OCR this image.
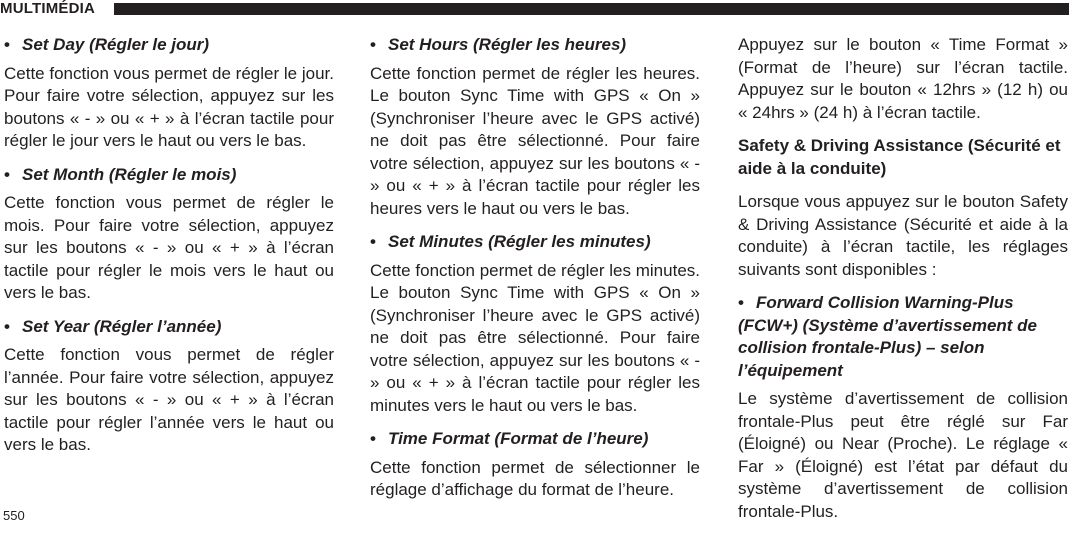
MULTIMÉDIA
• Set Day (Régler le jour)

Cette fonction vous permet de régler le jour. Pour faire votre sélection, appuyez sur les boutons « - » ou « + » à l’écran tactile pour régler le jour vers le haut ou vers le bas.

• Set Month (Régler le mois)

Cette fonction vous permet de régler le mois. Pour faire votre sélection, appuyez sur les boutons « - » ou « + » à l’écran tactile pour régler le mois vers le haut ou vers le bas.

• Set Year (Régler l’année)

Cette fonction vous permet de régler l’année. Pour faire votre sélection, appuyez sur les boutons « - » ou « + » à l’écran tactile pour régler l’année vers le haut ou vers le bas.

• Set Hours (Régler les heures)

Cette fonction permet de régler les heures. Le bouton Sync Time with GPS « On » (Synchroniser l’heure avec le GPS activé) ne doit pas être sélectionné. Pour faire votre sélection, appuyez sur les boutons « - » ou « + » à l’écran tactile pour régler les heures vers le haut ou vers le bas.

• Set Minutes (Régler les minutes)

Cette fonction permet de régler les minutes. Le bouton Sync Time with GPS « On » (Synchroniser l’heure avec le GPS activé) ne doit pas être sélectionné. Pour faire votre sélection, appuyez sur les boutons « - » ou « + » à l’écran tactile pour régler les minutes vers le haut ou vers le bas.

• Time Format (Format de l’heure)

Cette fonction permet de sélectionner le réglage d’affichage du format de l’heure.

Appuyez sur le bouton « Time Format » (Format de l’heure) sur l’écran tactile. Appuyez sur le bouton « 12hrs » (12 h) ou « 24hrs » (24 h) à l’écran tactile.

Safety & Driving Assistance (Sécurité et aide à la conduite)

Lorsque vous appuyez sur le bouton Safety & Driving Assistance (Sécurité et aide à la conduite) à l’écran tactile, les réglages suivants sont disponibles :

• Forward Collision Warning-Plus (FCW+) (Système d’avertissement de collision frontale-Plus) – selon l’équipement

Le système d’avertissement de collision frontale-Plus peut être réglé sur Far (Éloigné) ou Near (Proche). Le réglage « Far » (Éloigné) est l’état par défaut du système d’avertissement de collision frontale-Plus.

550
